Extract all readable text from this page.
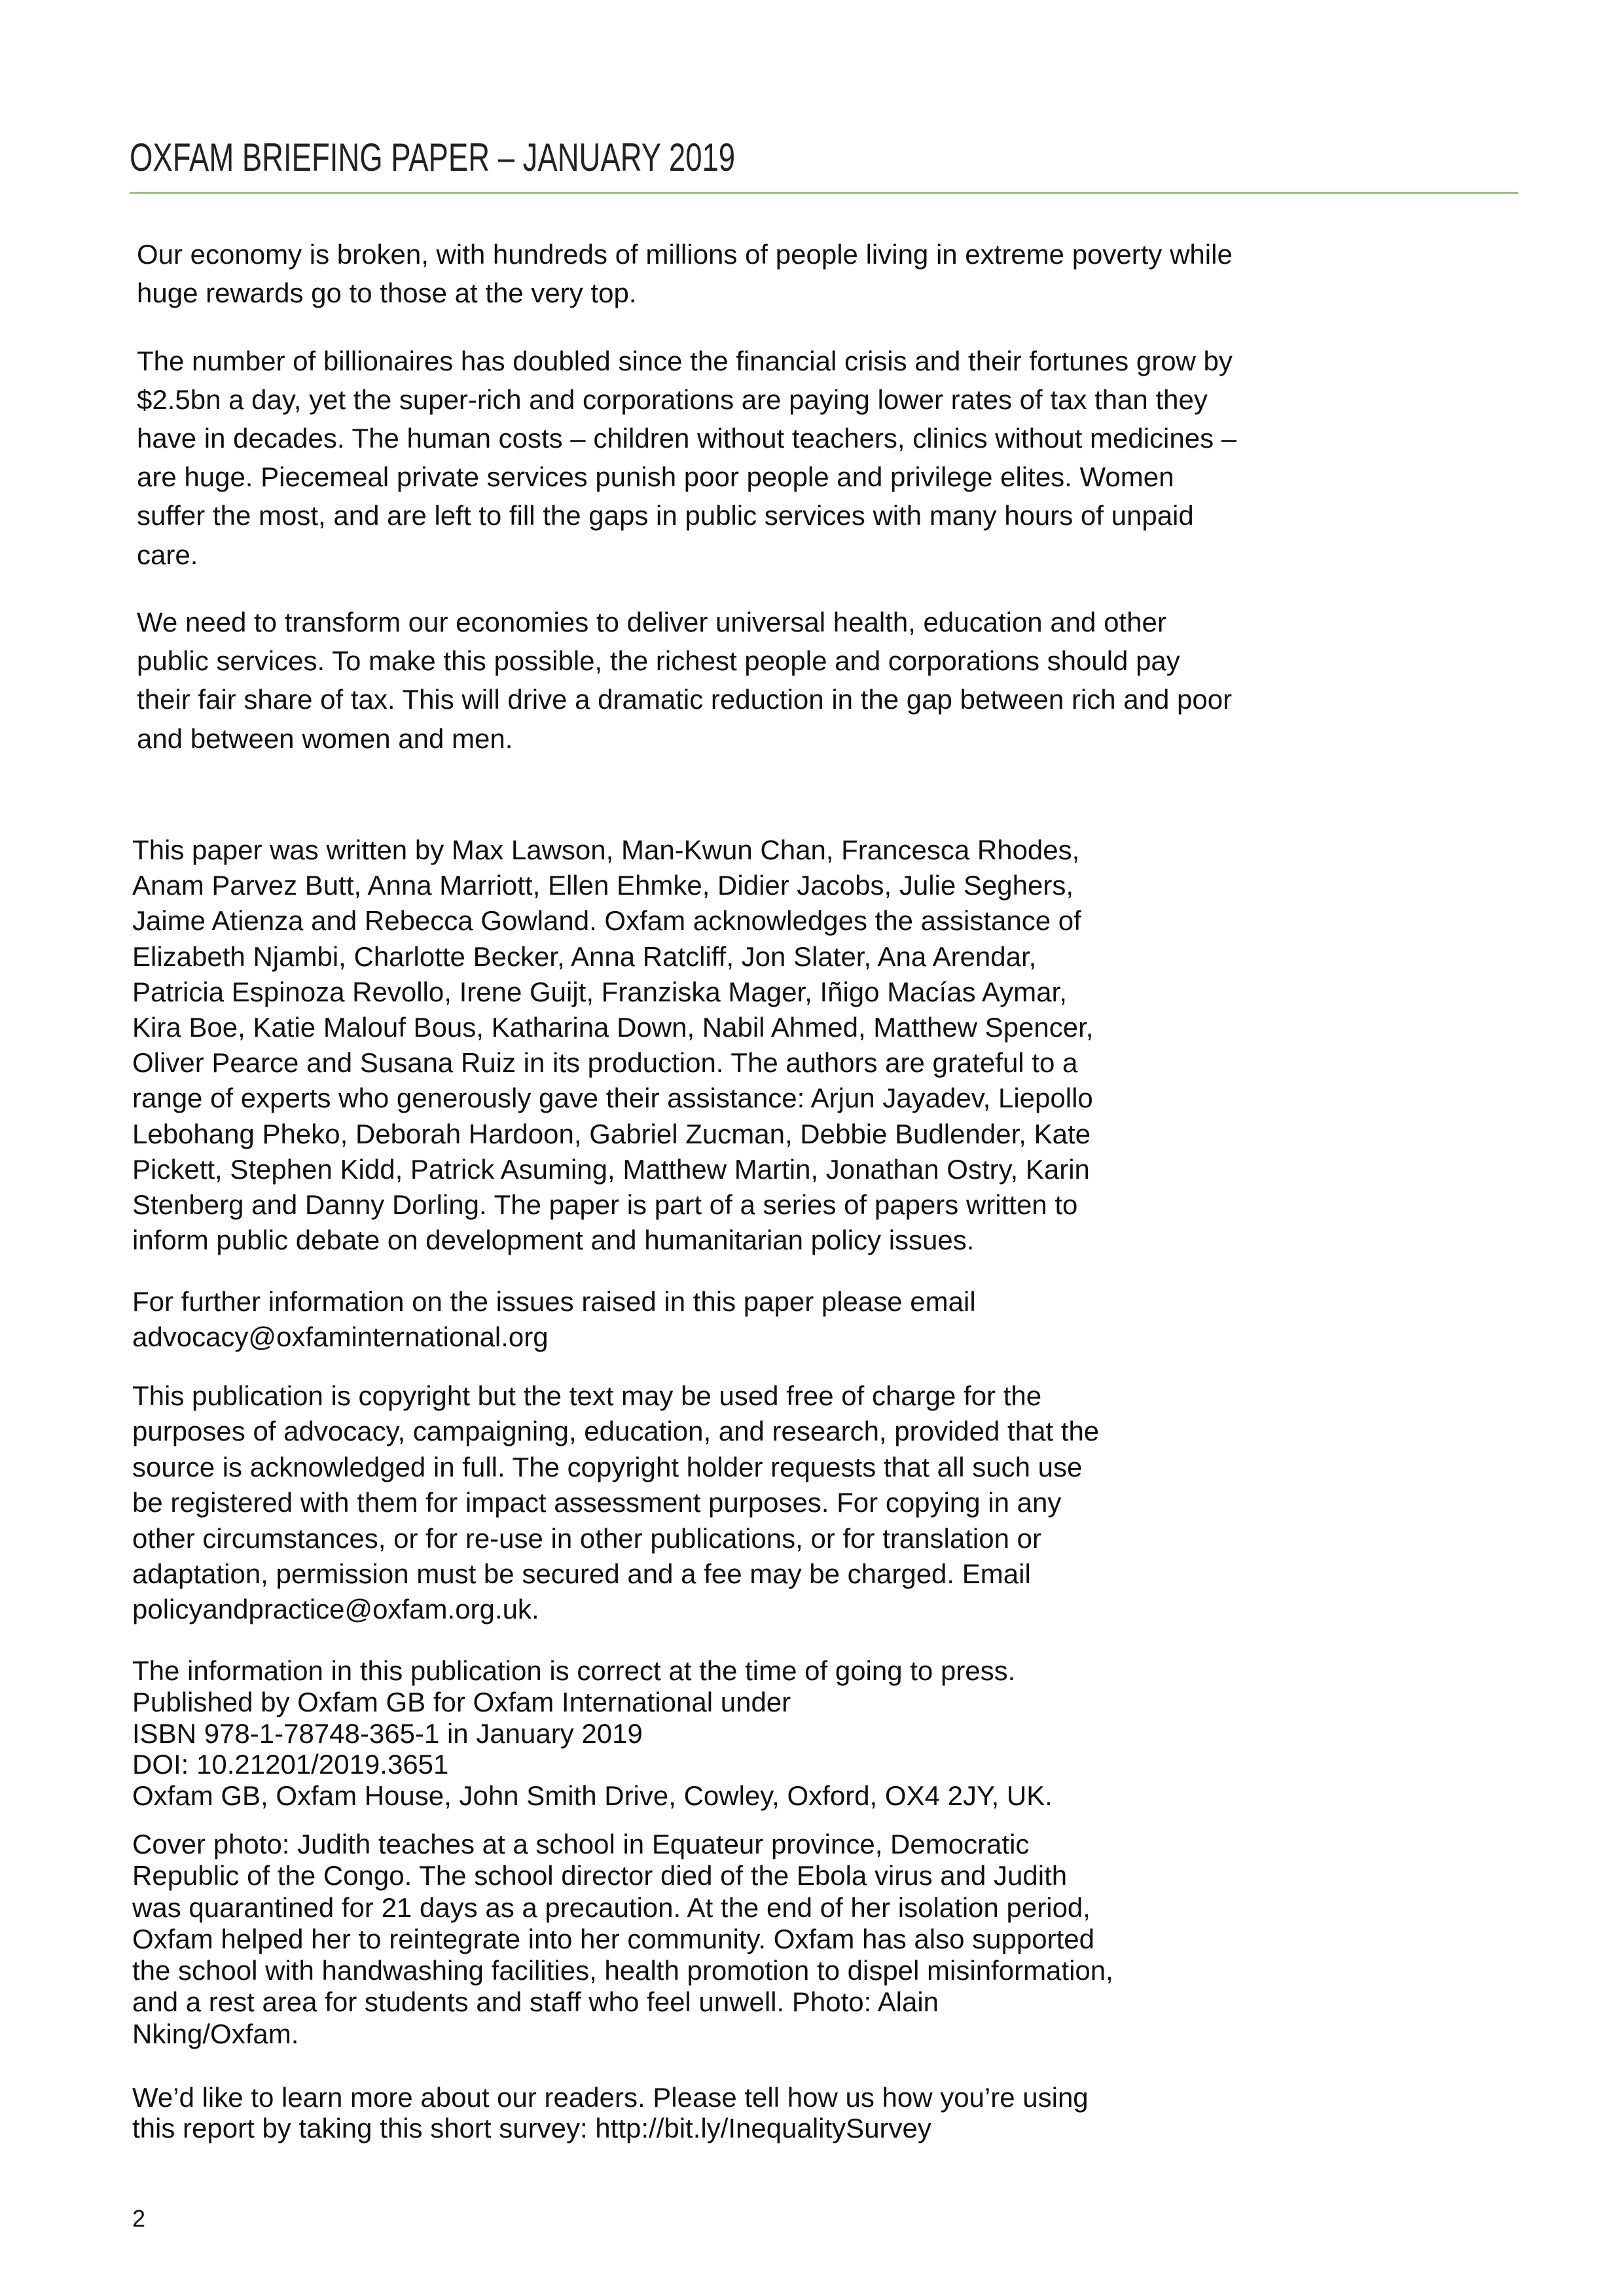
OXFAM BRIEFING PAPER – JANUARY 2019
Our economy is broken, with hundreds of millions of people living in extreme poverty while
huge rewards go to those at the very top.
The number of billionaires has doubled since the financial crisis and their fortunes grow by
$2.5bn a day, yet the super-rich and corporations are paying lower rates of tax than they
have in decades. The human costs – children without teachers, clinics without medicines –
are huge. Piecemeal private services punish poor people and privilege elites. Women
suffer the most, and are left to fill the gaps in public services with many hours of unpaid
care.
We need to transform our economies to deliver universal health, education and other
public services. To make this possible, the richest people and corporations should pay
their fair share of tax. This will drive a dramatic reduction in the gap between rich and poor
and between women and men.
This paper was written by Max Lawson, Man-Kwun Chan, Francesca Rhodes,
Anam Parvez Butt, Anna Marriott, Ellen Ehmke, Didier Jacobs, Julie Seghers,
Jaime Atienza and Rebecca Gowland. Oxfam acknowledges the assistance of
Elizabeth Njambi, Charlotte Becker, Anna Ratcliff, Jon Slater, Ana Arendar,
Patricia Espinoza Revollo, Irene Guijt, Franziska Mager, Iñigo Macías Aymar,
Kira Boe, Katie Malouf Bous, Katharina Down, Nabil Ahmed, Matthew Spencer,
Oliver Pearce and Susana Ruiz in its production. The authors are grateful to a
range of experts who generously gave their assistance: Arjun Jayadev, Liepollo
Lebohang Pheko, Deborah Hardoon, Gabriel Zucman, Debbie Budlender, Kate
Pickett, Stephen Kidd, Patrick Asuming, Matthew Martin, Jonathan Ostry, Karin
Stenberg and Danny Dorling. The paper is part of a series of papers written to
inform public debate on development and humanitarian policy issues.
For further information on the issues raised in this paper please email
advocacy@oxfaminternational.org
This publication is copyright but the text may be used free of charge for the
purposes of advocacy, campaigning, education, and research, provided that the
source is acknowledged in full. The copyright holder requests that all such use
be registered with them for impact assessment purposes. For copying in any
other circumstances, or for re-use in other publications, or for translation or
adaptation, permission must be secured and a fee may be charged. Email
policyandpractice@oxfam.org.uk.
The information in this publication is correct at the time of going to press.
Published by Oxfam GB for Oxfam International under
ISBN 978-1-78748-365-1 in January 2019
DOI: 10.21201/2019.3651
Oxfam GB, Oxfam House, John Smith Drive, Cowley, Oxford, OX4 2JY, UK.
Cover photo: Judith teaches at a school in Equateur province, Democratic
Republic of the Congo. The school director died of the Ebola virus and Judith
was quarantined for 21 days as a precaution. At the end of her isolation period,
Oxfam helped her to reintegrate into her community. Oxfam has also supported
the school with handwashing facilities, health promotion to dispel misinformation,
and a rest area for students and staff who feel unwell. Photo: Alain
Nking/Oxfam.
We’d like to learn more about our readers. Please tell how us how you’re using
this report by taking this short survey: http://bit.ly/InequalitySurvey
2
